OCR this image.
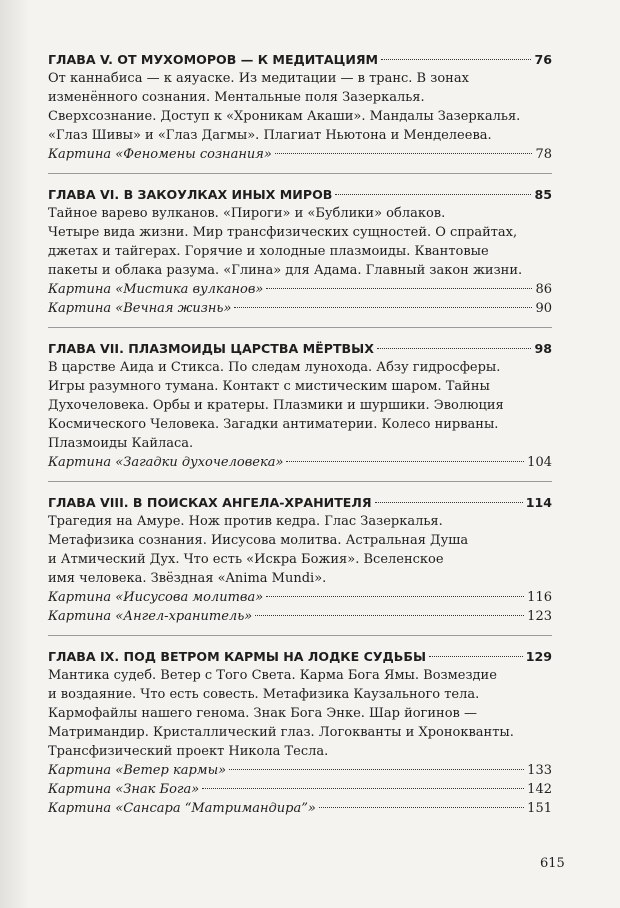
ГЛАВА V. ОТ МУХОМОРОВ — К МЕДИТАЦИЯМ	76
От каннабиса — к аяуаске. Из медитации — в транс. В зонах
изменённого сознания. Ментальные поля Зазеркалья.
Сверхсознание. Доступ к «Хроникам Акаши». Мандалы Зазеркалья.
«Глаз Шивы» и «Глаз Дагмы». Плагиат Ньютона и Менделеева.
Картина «Феномены сознания»	78
ГЛАВА VI. В ЗАКОУЛКАХ ИНЫХ МИРОВ	85
Тайное варево вулканов. «Пироги» и «Бублики» облаков.
Четыре вида жизни. Мир трансфизических сущностей. О спрайтах,
джетах и тайгерах. Горячие и холодные плазмоиды. Квантовые
пакеты и облака разума. «Глина» для Адама. Главный закон жизни.
Картина «Мистика вулканов»	86
Картина «Вечная жизнь»	90
ГЛАВА VII. ПЛАЗМОИДЫ ЦАРСТВА МЁРТВЫХ	98
В царстве Аида и Стикса. По следам лунохода. Абзу гидросферы.
Игры разумного тумана. Контакт с мистическим шаром. Тайны
Духочеловека. Орбы и кратеры. Плазмики и шуршики. Эволюция
Космического Человека. Загадки антиматерии. Колесо нирваны.
Плазмоиды Кайласа.
Картина «Загадки духочеловека»	104
ГЛАВА VIII. В ПОИСКАХ АНГЕЛА-ХРАНИТЕЛЯ	114
Трагедия на Амуре. Нож против кедра. Глас Зазеркалья.
Метафизика сознания. Иисусова молитва. Астральная Душа
и Атмический Дух. Что есть «Искра Божия». Вселенское
имя человека. Звёздная «Anima Mundi».
Картина «Иисусова молитва»	116
Картина «Ангел-хранитель»	123
ГЛАВА IX. ПОД ВЕТРОМ КАРМЫ НА ЛОДКЕ СУДЬБЫ	129
Мантика судеб. Ветер с Того Света. Карма Бога Ямы. Возмездие
и воздаяние. Что есть совесть. Метафизика Каузального тела.
Кармофайлы нашего генома. Знак Бога Энке. Шар йогинов —
Матримандир. Кристаллический глаз. Логокванты и Хронокванты.
Трансфизический проект Никола Тесла.
Картина «Ветер кармы»	133
Картина «Знак Бога»	142
Картина «Сансара “Матримандира”»	151
615
